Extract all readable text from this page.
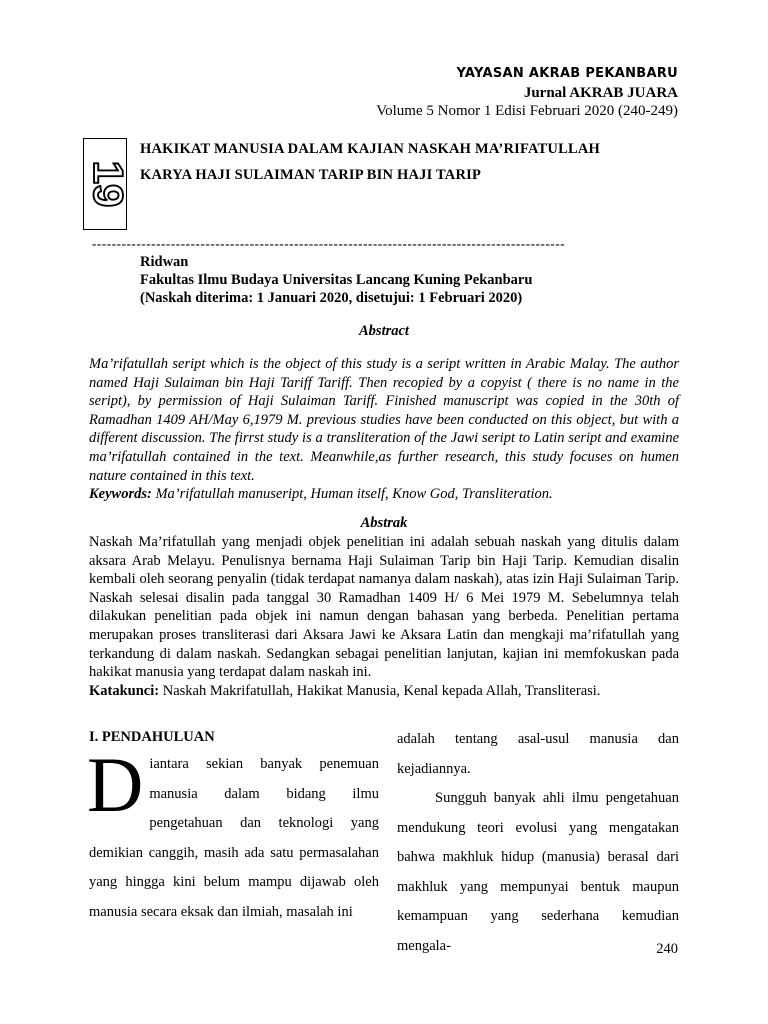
YAYASAN AKRAB PEKANBARU
Jurnal AKRAB JUARA
Volume 5 Nomor 1 Edisi Februari 2020 (240-249)
19
HAKIKAT MANUSIA DALAM KAJIAN NASKAH MA’RIFATULLAH
KARYA HAJI SULAIMAN TARIP BIN HAJI TARIP
------------------------------------------------------------------------------------------------
Ridwan
Fakultas Ilmu Budaya Universitas Lancang Kuning Pekanbaru
(Naskah diterima: 1 Januari 2020, disetujui: 1 Februari 2020)
Abstract
Ma’rifatullah seript which is the object of this study is a seript written in Arabic Malay. The author named Haji Sulaiman bin Haji Tariff Tariff. Then recopied by a copyist ( there is no name in the seript), by permission of Haji Sulaiman Tariff. Finished manuscript was copied in the 30th of Ramadhan 1409 AH/May 6,1979 M. previous studies have been conducted on this object, but with a different discussion. The firrst study is a transliteration of the Jawi seript to Latin seript and examine ma’rifatullah contained in the text. Meanwhile,as further research, this study focuses on humen nature contained in this text.
Keywords: Ma’rifatullah manuseript, Human itself, Know God, Transliteration.
Abstrak
Naskah Ma’rifatullah yang menjadi objek penelitian ini adalah sebuah naskah yang ditulis dalam aksara Arab Melayu. Penulisnya bernama Haji Sulaiman Tarip bin Haji Tarip. Kemudian disalin kembali oleh seorang penyalin (tidak terdapat namanya dalam naskah), atas izin Haji Sulaiman Tarip. Naskah selesai disalin pada tanggal 30 Ramadhan 1409 H/ 6 Mei 1979 M. Sebelumnya telah dilakukan penelitian pada objek ini namun dengan bahasan yang berbeda. Penelitian pertama merupakan proses transliterasi dari Aksara Jawi ke Aksara Latin dan mengkaji ma’rifatullah yang terkandung di dalam naskah. Sedangkan sebagai penelitian lanjutan, kajian ini memfokuskan pada hakikat manusia yang terdapat dalam naskah ini.
Katakunci: Naskah Makrifatullah, Hakikat Manusia, Kenal kepada Allah, Transliterasi.
I. PENDAHULUAN

D iantara sekian banyak penemuan manusia dalam bidang ilmu pengetahuan dan teknologi yang demikian canggih, masih ada satu permasalahan yang hingga kini belum mampu dijawab oleh manusia secara eksak dan ilmiah, masalah ini

adalah tentang asal-usul manusia dan kejadiannya.

Sungguh banyak ahli ilmu pengetahuan mendukung teori evolusi yang mengatakan bahwa makhluk hidup (manusia) berasal dari makhluk yang mempunyai bentuk maupun kemampuan yang sederhana kemudian mengala-	240
